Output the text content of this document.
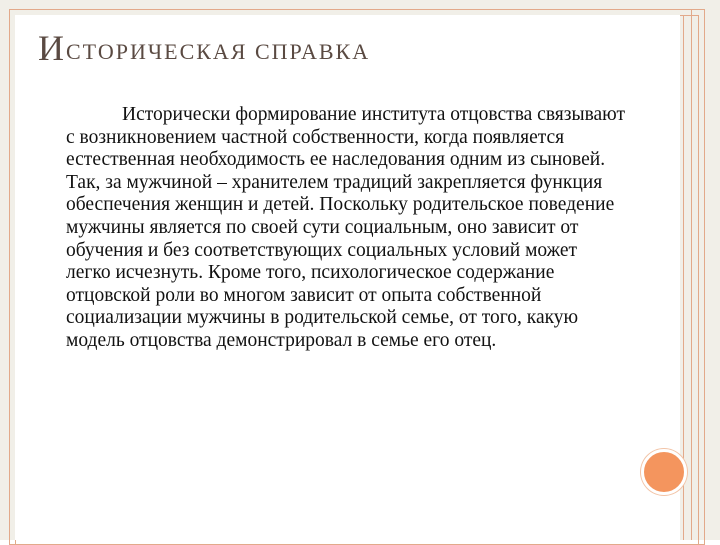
ИСТОРИЧЕСКАЯ СПРАВКА

Исторически формирование института отцовства связывают с возникновением частной собственности, когда появляется естественная необходимость ее наследования одним из сыновей. Так, за мужчиной – хранителем традиций закрепляется функция обеспечения женщин и детей. Поскольку родительское поведение мужчины является по своей сути социальным, оно зависит от обучения и без соответствующих социальных условий может легко исчезнуть. Кроме того, психологическое содержание отцовской роли во многом зависит от опыта собственной социализации мужчины в родительской семье, от того, какую модель отцовства демонстрировал в семье его отец.
